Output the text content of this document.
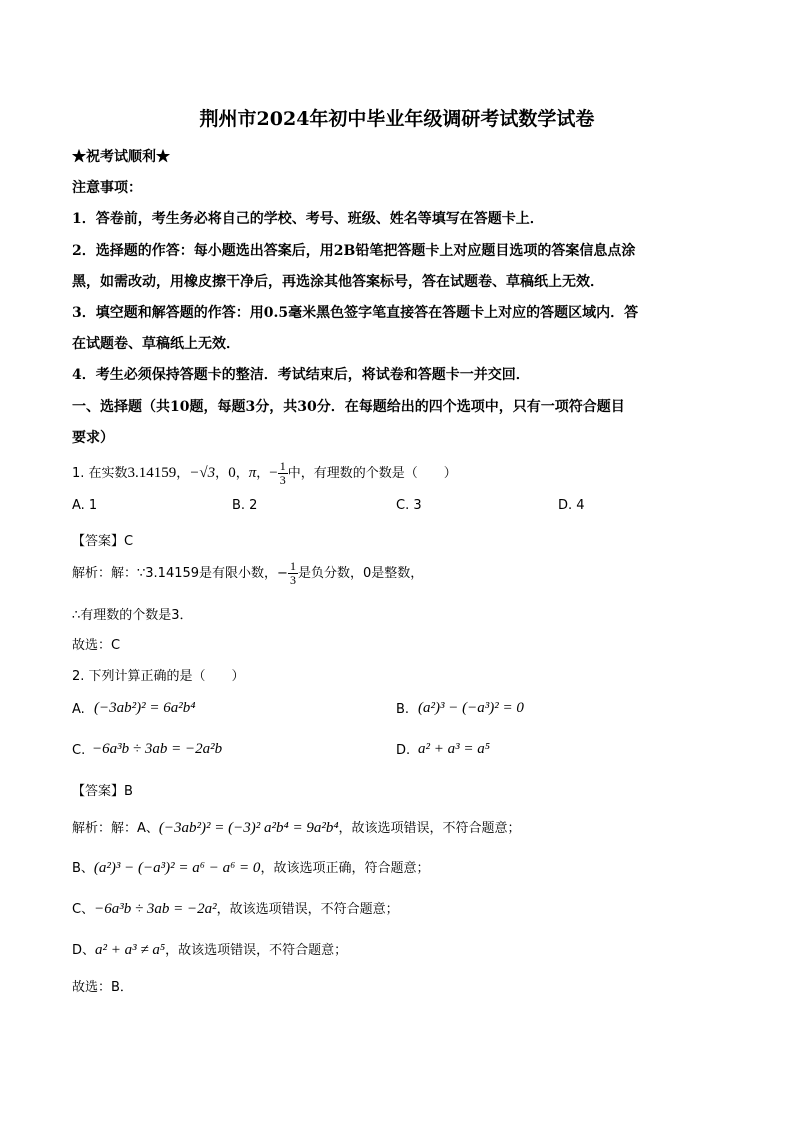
荆州市2024年初中毕业年级调研考试数学试卷
★祝考试顺利★
注意事项：
1．答卷前，考生务必将自己的学校、考号、班级、姓名等填写在答题卡上．
2．选择题的作答：每小题选出答案后，用2B铅笔把答题卡上对应题目选项的答案信息点涂
黑，如需改动，用橡皮擦干净后，再选涂其他答案标号，答在试题卷、草稿纸上无效．
3．填空题和解答题的作答：用0.5毫米黑色签字笔直接答在答题卡上对应的答题区域内．答
在试题卷、草稿纸上无效．
4．考生必须保持答题卡的整洁．考试结束后，将试卷和答题卡一并交回．
一、选择题（共10题，每题3分，共30分．在每题给出的四个选项中，只有一项符合题目
要求）
1. 在实数3.14159，−√3，0，π，− $\frac{1}{3}$ 中，有理数的个数是（　　）
A. 1	B. 2	C. 3	D. 4
【答案】C
解析：解：∵3.14159是有限小数，− $\frac{1}{3}$ 是负分数，0是整数，
∴有理数的个数是3．
故选：C
2. 下列计算正确的是（　　）
A. (−3ab²)² = 6a²b⁴	B. (a²)³ − (−a³)² = 0
C. −6a³b ÷ 3ab = −2a²b	D. a² + a³ = a⁵
【答案】B
解析：解：A、(−3ab²)² = (−3)² a²b⁴ = 9a²b⁴，故该选项错误，不符合题意；
B、(a²)³ − (−a³)² = a⁶ − a⁶ = 0，故该选项正确，符合题意；
C、−6a³b ÷ 3ab = −2a²，故该选项错误，不符合题意；
D、a² + a³ ≠ a⁵，故该选项错误，不符合题意；
故选：B．
